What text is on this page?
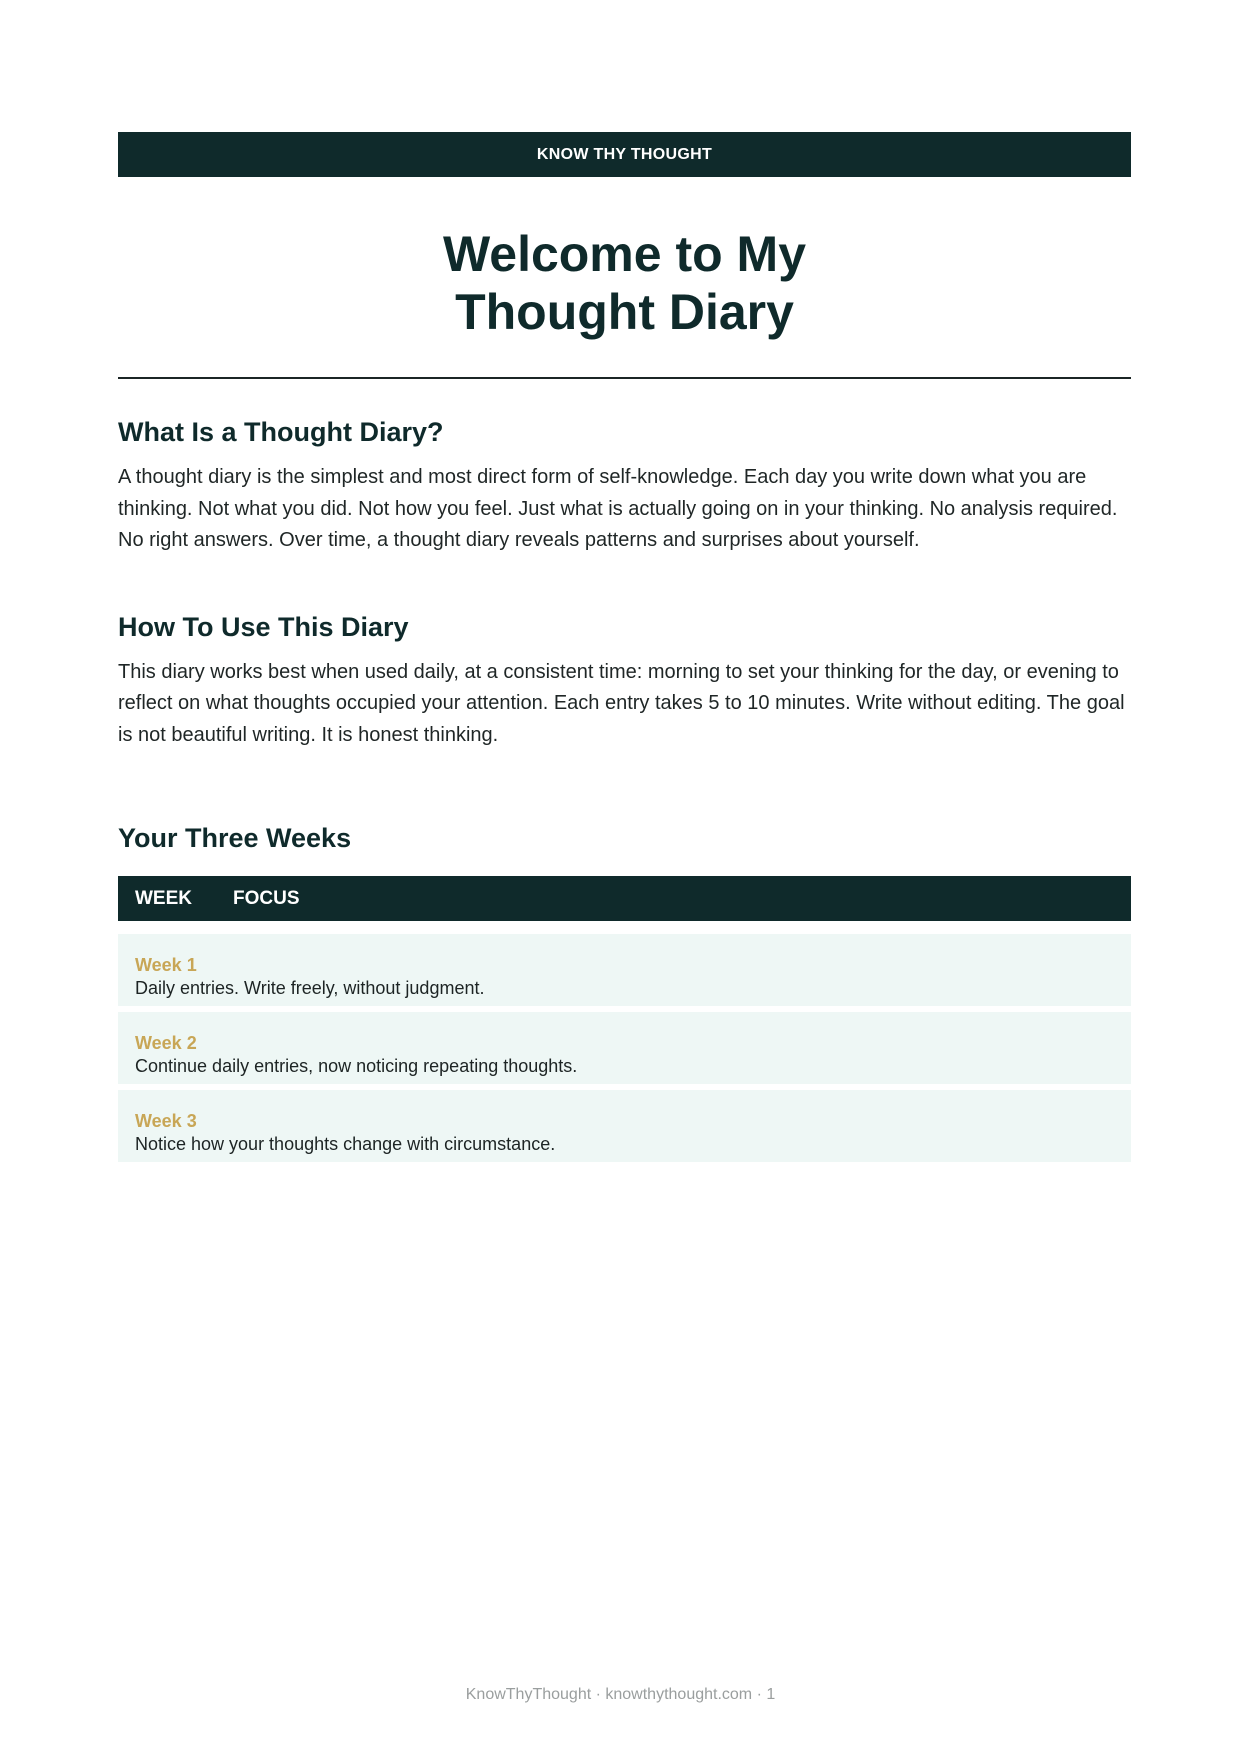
KNOW THY THOUGHT
Welcome to My
Thought Diary
What Is a Thought Diary?

A thought diary is the simplest and most direct form of self-knowledge. Each day you write down what you are thinking. Not what you did. Not how you feel. Just what is actually going on in your thinking. No analysis required. No right answers. Over time, a thought diary reveals patterns and surprises about yourself.

How To Use This Diary

This diary works best when used daily, at a consistent time: morning to set your thinking for the day, or evening to reflect on what thoughts occupied your attention. Each entry takes 5 to 10 minutes. Write without editing. The goal is not beautiful writing. It is honest thinking.

Your Three Weeks
WEEK	FOCUS
Week 1
Daily entries. Write freely, without judgment.
Week 2
Continue daily entries, now noticing repeating thoughts.
Week 3
Notice how your thoughts change with circumstance.
KnowThyThought · knowthythought.com · 1
